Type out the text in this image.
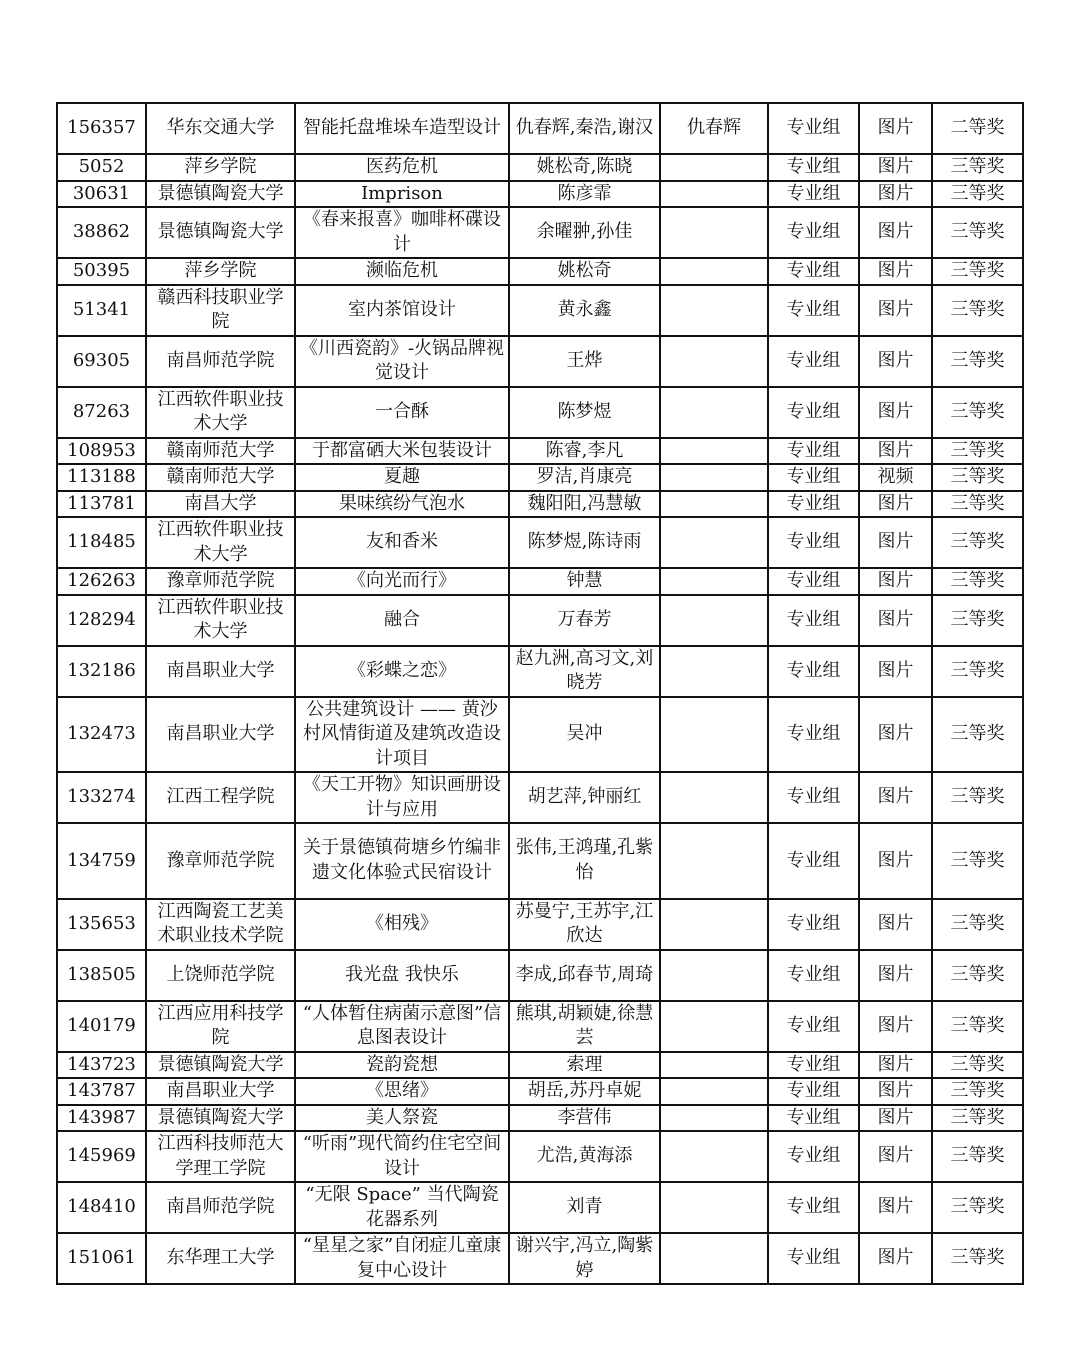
156357	华东交通大学	智能托盘堆垛车造型设计	仇春辉,秦浩,谢汉	仇春辉	专业组	图片	二等奖
5052	萍乡学院	医药危机	姚松奇,陈晓		专业组	图片	三等奖
30631	景德镇陶瓷大学	Imprison	陈彦霏		专业组	图片	三等奖
38862	景德镇陶瓷大学	《春来报喜》咖啡杯碟设计	余曜翀,孙佳		专业组	图片	三等奖
50395	萍乡学院	濒临危机	姚松奇		专业组	图片	三等奖
51341	赣西科技职业学院	室内茶馆设计	黄永鑫		专业组	图片	三等奖
69305	南昌师范学院	《川西瓷韵》-火锅品牌视觉设计	王烨		专业组	图片	三等奖
87263	江西软件职业技术大学	一合酥	陈梦煜		专业组	图片	三等奖
108953	赣南师范大学	于都富硒大米包装设计	陈睿,李凡		专业组	图片	三等奖
113188	赣南师范大学	夏趣	罗洁,肖康亮		专业组	视频	三等奖
113781	南昌大学	果味缤纷气泡水	魏阳阳,冯慧敏		专业组	图片	三等奖
118485	江西软件职业技术大学	友和香米	陈梦煜,陈诗雨		专业组	图片	三等奖
126263	豫章师范学院	《向光而行》	钟慧		专业组	图片	三等奖
128294	江西软件职业技术大学	融合	万春芳		专业组	图片	三等奖
132186	南昌职业大学	《彩蝶之恋》	赵九洲,高习文,刘晓芳		专业组	图片	三等奖
132473	南昌职业大学	公共建筑设计 —— 黄沙村风情街道及建筑改造设计项目	吴冲		专业组	图片	三等奖
133274	江西工程学院	《天工开物》知识画册设计与应用	胡艺萍,钟丽红		专业组	图片	三等奖
134759	豫章师范学院	关于景德镇荷塘乡竹编非遗文化体验式民宿设计	张伟,王鸿瑾,孔紫怡		专业组	图片	三等奖
135653	江西陶瓷工艺美术职业技术学院	《相残》	苏曼宁,王苏宇,江欣达		专业组	图片	三等奖
138505	上饶师范学院	我光盘 我快乐	李成,邱春节,周琦		专业组	图片	三等奖
140179	江西应用科技学院	“人体暂住病菌示意图”信息图表设计	熊琪,胡颖婕,徐慧芸		专业组	图片	三等奖
143723	景德镇陶瓷大学	瓷韵瓷想	索理		专业组	图片	三等奖
143787	南昌职业大学	《思绪》	胡岳,苏丹卓妮		专业组	图片	三等奖
143987	景德镇陶瓷大学	美人祭瓷	李营伟		专业组	图片	三等奖
145969	江西科技师范大学理工学院	“听雨”现代简约住宅空间设计	尤浩,黄海添		专业组	图片	三等奖
148410	南昌师范学院	“无限 Space” 当代陶瓷花器系列	刘青		专业组	图片	三等奖
151061	东华理工大学	“星星之家”自闭症儿童康复中心设计	谢兴宇,冯立,陶紫婷		专业组	图片	三等奖
